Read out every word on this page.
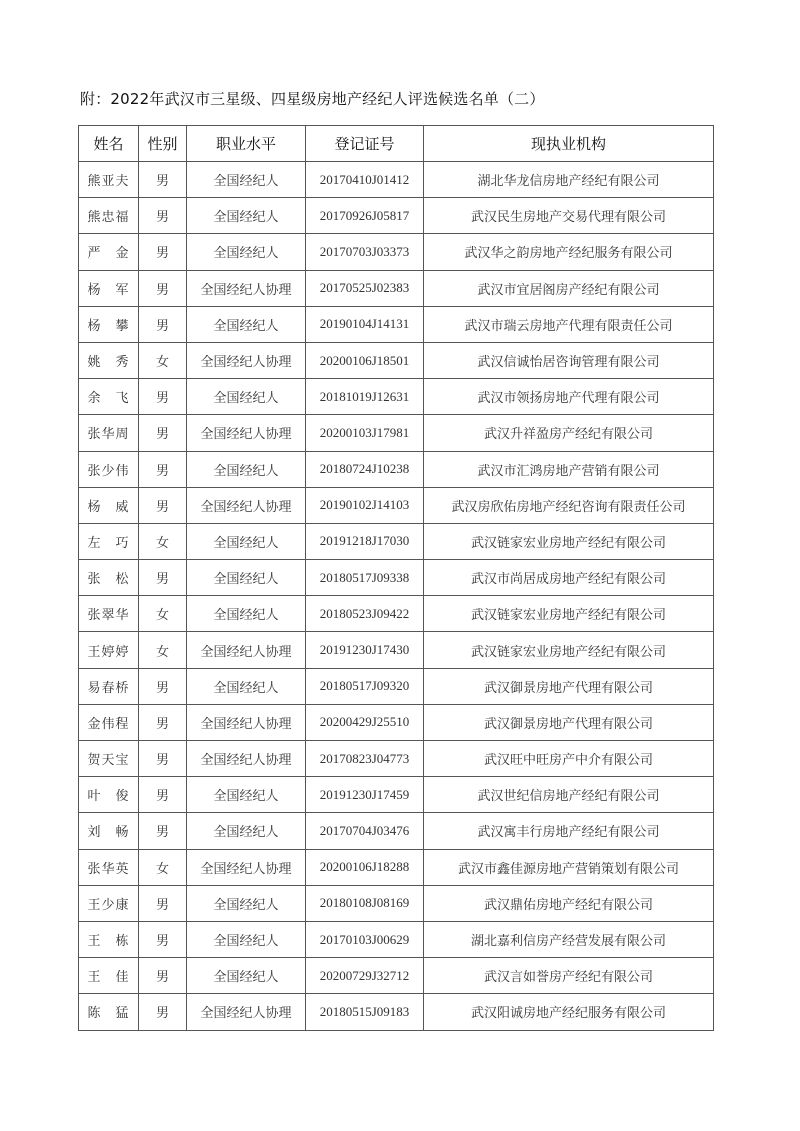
附：2022年武汉市三星级、四星级房地产经纪人评选候选名单（二）
姓名	性别	职业水平	登记证号	现执业机构
熊亚夫	男	全国经纪人	20170410J01412	湖北华龙信房地产经纪有限公司
熊忠福	男	全国经纪人	20170926J05817	武汉民生房地产交易代理有限公司
严　金	男	全国经纪人	20170703J03373	武汉华之韵房地产经纪服务有限公司
杨　军	男	全国经纪人协理	20170525J02383	武汉市宜居阁房产经纪有限公司
杨　攀	男	全国经纪人	20190104J14131	武汉市瑞云房地产代理有限责任公司
姚　秀	女	全国经纪人协理	20200106J18501	武汉信诚怡居咨询管理有限公司
余　飞	男	全国经纪人	20181019J12631	武汉市领扬房地产代理有限公司
张华周	男	全国经纪人协理	20200103J17981	武汉升祥盈房产经纪有限公司
张少伟	男	全国经纪人	20180724J10238	武汉市汇鸿房地产营销有限公司
杨　威	男	全国经纪人协理	20190102J14103	武汉房欣佑房地产经纪咨询有限责任公司
左　巧	女	全国经纪人	20191218J17030	武汉链家宏业房地产经纪有限公司
张　松	男	全国经纪人	20180517J09338	武汉市尚居成房地产经纪有限公司
张翠华	女	全国经纪人	20180523J09422	武汉链家宏业房地产经纪有限公司
王婷婷	女	全国经纪人协理	20191230J17430	武汉链家宏业房地产经纪有限公司
易春桥	男	全国经纪人	20180517J09320	武汉御景房地产代理有限公司
金伟程	男	全国经纪人协理	20200429J25510	武汉御景房地产代理有限公司
贺天宝	男	全国经纪人协理	20170823J04773	武汉旺中旺房产中介有限公司
叶　俊	男	全国经纪人	20191230J17459	武汉世纪信房地产经纪有限公司
刘　畅	男	全国经纪人	20170704J03476	武汉寓丰行房地产经纪有限公司
张华英	女	全国经纪人协理	20200106J18288	武汉市鑫佳源房地产营销策划有限公司
王少康	男	全国经纪人	20180108J08169	武汉鼎佑房地产经纪有限公司
王　栋	男	全国经纪人	20170103J00629	湖北嘉利信房产经营发展有限公司
王　佳	男	全国经纪人	20200729J32712	武汉言如誉房产经纪有限公司
陈　猛	男	全国经纪人协理	20180515J09183	武汉阳诚房地产经纪服务有限公司
